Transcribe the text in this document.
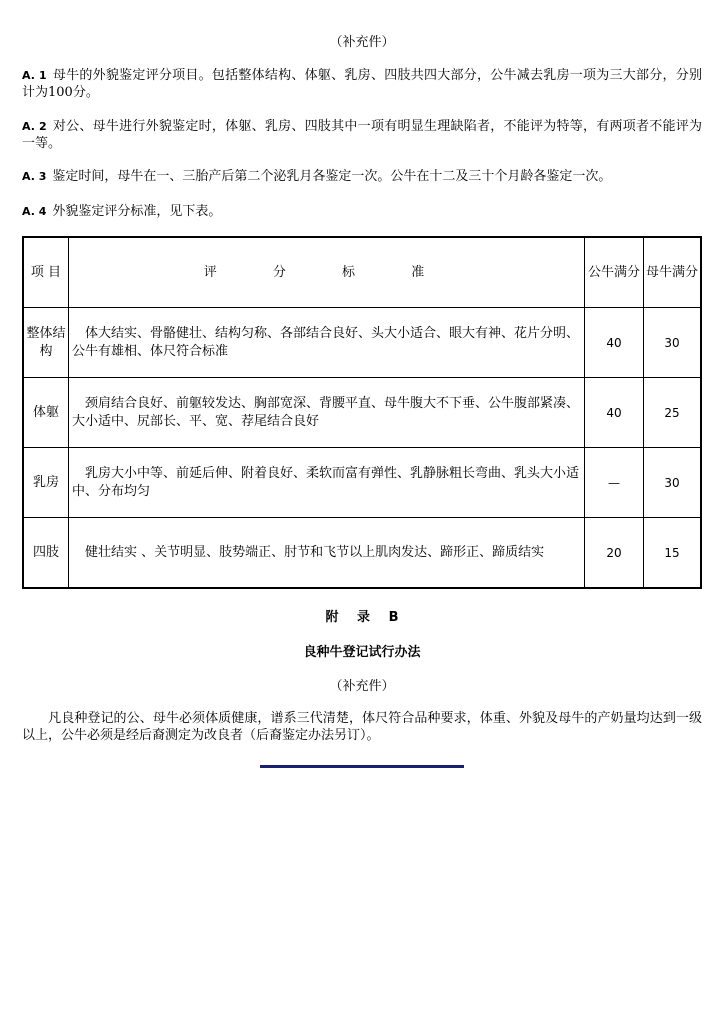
（补充件）
A. 1 母牛的外貌鉴定评分项目。包括整体结构、体躯、乳房、四肢共四大部分，公牛减去乳房一项为三大部分，分别计为100分。
A. 2 对公、母牛进行外貌鉴定时，体躯、乳房、四肢其中一项有明显生理缺陷者，不能评为特等，有两项者不能评为一等。
A. 3 鉴定时间，母牛在一、三胎产后第二个泌乳月各鉴定一次。公牛在十二及三十个月龄各鉴定一次。
A. 4 外貌鉴定评分标准，见下表。
项 目	评 分 标 准	公牛满分	母牛满分
整体结构	　体大结实、骨骼健壮、结构匀称、各部结合良好、头大小适合、眼大有神、花片分明、公牛有雄相、体尺符合标准	40	30
体躯	　颈肩结合良好、前躯较发达、胸部宽深、背腰平直、母牛腹大不下垂、公牛腹部紧凑、大小适中、尻部长、平、宽、荐尾结合良好	40	25
乳房	　乳房大小中等、前延后伸、附着良好、柔软而富有弹性、乳静脉粗长弯曲、乳头大小适中、分布均匀	—	30
四肢	　健壮结实 、关节明显、肢势端正、肘节和飞节以上肌肉发达、蹄形正、蹄质结实	20	15
附 录 B
良种牛登记试行办法
（补充件）
　　凡良种登记的公、母牛必须体质健康，谱系三代清楚，体尺符合品种要求，体重、外貌及母牛的产奶量均达到一级以上，公牛必须是经后裔测定为改良者（后裔鉴定办法另订）。
